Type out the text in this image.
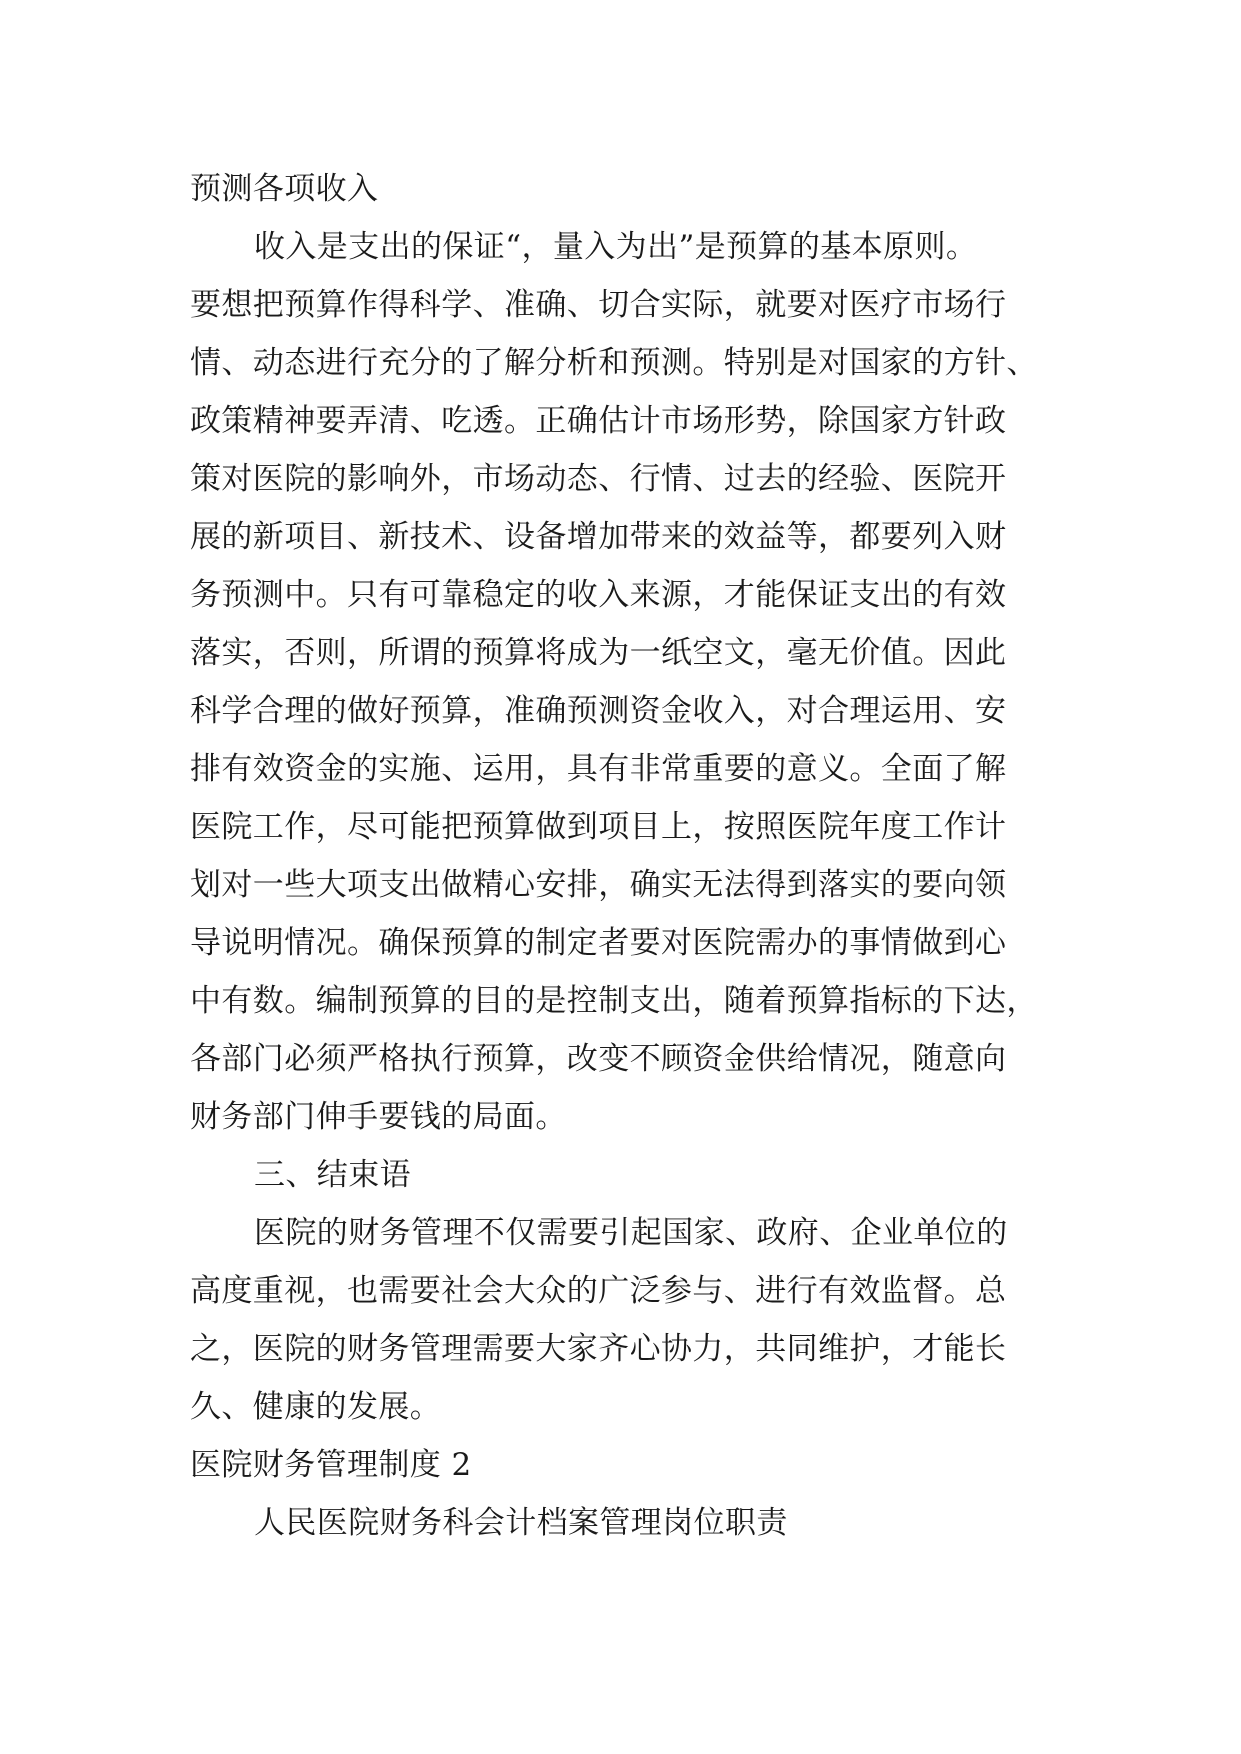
预测各项收入
收入是支出的保证“，量入为出”是预算的基本原则。
要想把预算作得科学、准确、切合实际，就要对医疗市场行
情、动态进行充分的了解分析和预测。特别是对国家的方针、
政策精神要弄清、吃透。正确估计市场形势，除国家方针政
策对医院的影响外，市场动态、行情、过去的经验、医院开
展的新项目、新技术、设备增加带来的效益等，都要列入财
务预测中。只有可靠稳定的收入来源，才能保证支出的有效
落实，否则，所谓的预算将成为一纸空文，毫无价值。因此
科学合理的做好预算，准确预测资金收入，对合理运用、安
排有效资金的实施、运用，具有非常重要的意义。全面了解
医院工作，尽可能把预算做到项目上，按照医院年度工作计
划对一些大项支出做精心安排，确实无法得到落实的要向领
导说明情况。确保预算的制定者要对医院需办的事情做到心
中有数。编制预算的目的是控制支出，随着预算指标的下达，
各部门必须严格执行预算，改变不顾资金供给情况，随意向
财务部门伸手要钱的局面。
三、结束语
医院的财务管理不仅需要引起国家、政府、企业单位的
高度重视，也需要社会大众的广泛参与、进行有效监督。总
之，医院的财务管理需要大家齐心协力，共同维护，才能长
久、健康的发展。
医院财务管理制度 2
人民医院财务科会计档案管理岗位职责
